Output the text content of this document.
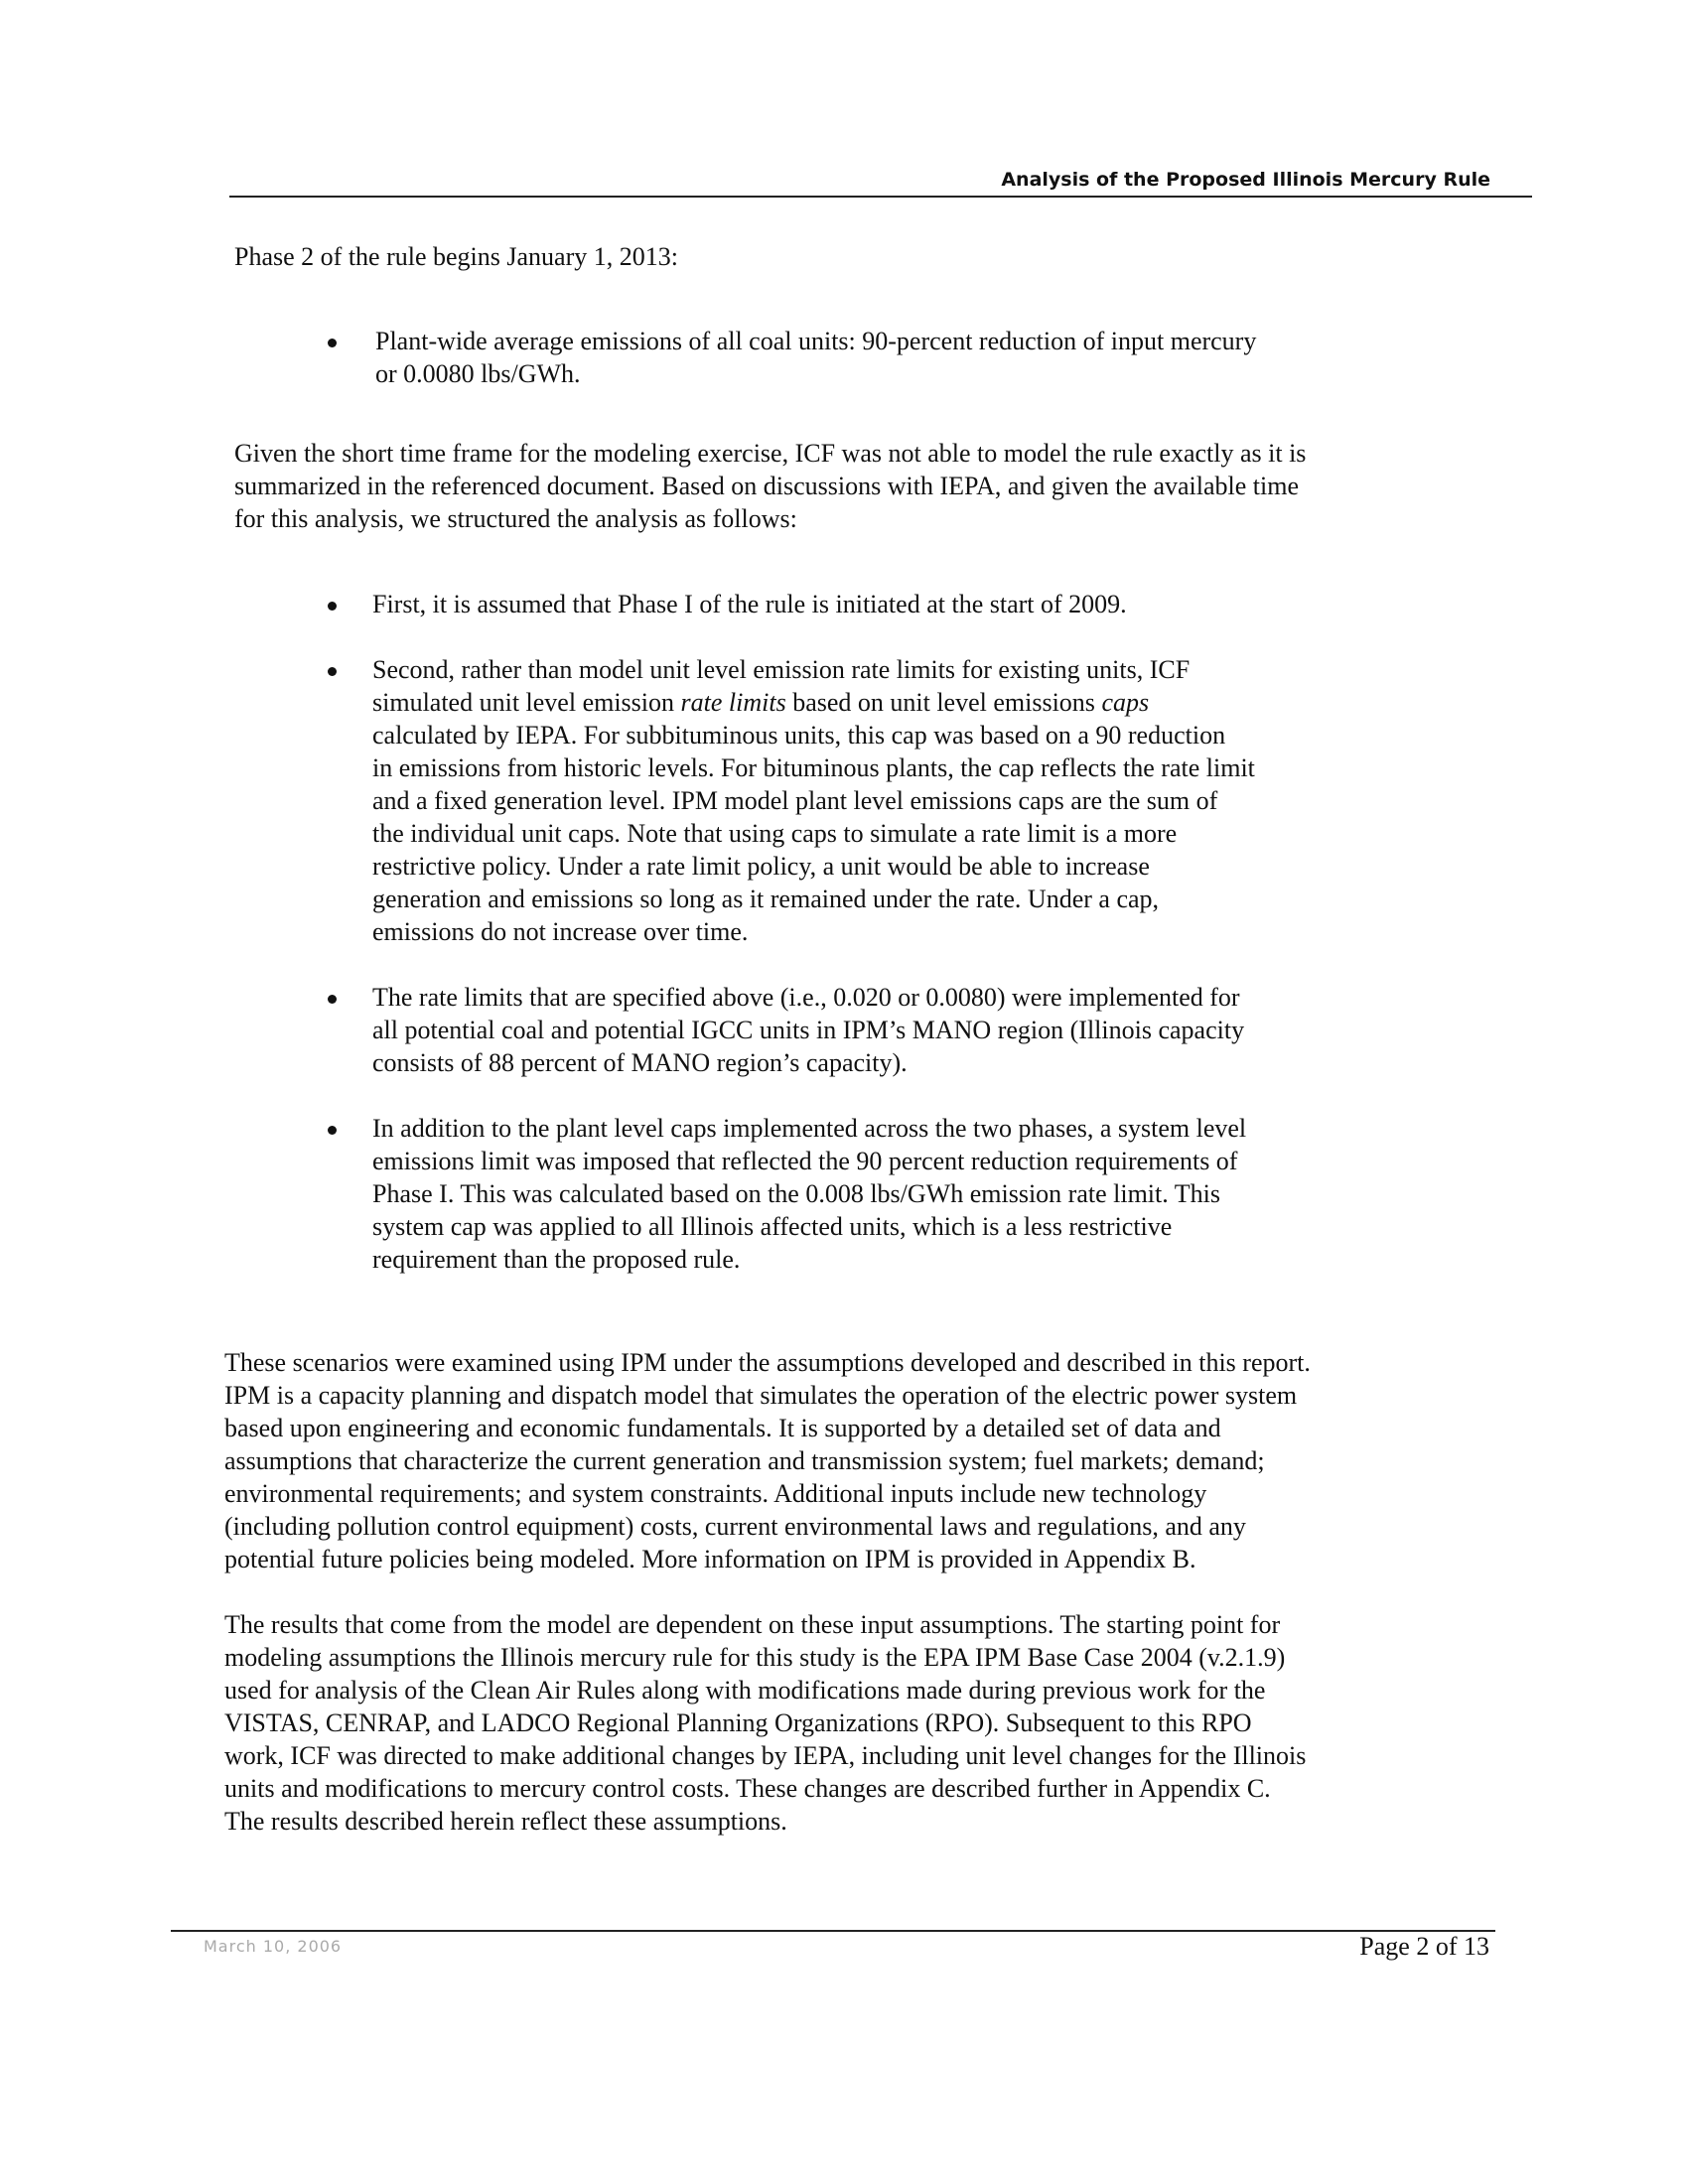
Analysis of the Proposed Illinois Mercury Rule

Phase 2 of the rule begins January 1, 2013:

Plant-wide average emissions of all coal units: 90-percent reduction of input mercury
or 0.0080 lbs/GWh.
Given the short time frame for the modeling exercise, ICF was not able to model the rule exactly as it is
summarized in the referenced document. Based on discussions with IEPA, and given the available time
for this analysis, we structured the analysis as follows:
First, it is assumed that Phase I of the rule is initiated at the start of 2009.
Second, rather than model unit level emission rate limits for existing units, ICF
simulated unit level emission rate limits based on unit level emissions caps
calculated by IEPA. For subbituminous units, this cap was based on a 90 reduction
in emissions from historic levels. For bituminous plants, the cap reflects the rate limit
and a fixed generation level. IPM model plant level emissions caps are the sum of
the individual unit caps. Note that using caps to simulate a rate limit is a more
restrictive policy. Under a rate limit policy, a unit would be able to increase
generation and emissions so long as it remained under the rate. Under a cap,
emissions do not increase over time.
The rate limits that are specified above (i.e., 0.020 or 0.0080) were implemented for
all potential coal and potential IGCC units in IPM’s MANO region (Illinois capacity
consists of 88 percent of MANO region’s capacity).
In addition to the plant level caps implemented across the two phases, a system level
emissions limit was imposed that reflected the 90 percent reduction requirements of
Phase I. This was calculated based on the 0.008 lbs/GWh emission rate limit. This
system cap was applied to all Illinois affected units, which is a less restrictive
requirement than the proposed rule.
These scenarios were examined using IPM under the assumptions developed and described in this report.
IPM is a capacity planning and dispatch model that simulates the operation of the electric power system
based upon engineering and economic fundamentals. It is supported by a detailed set of data and
assumptions that characterize the current generation and transmission system; fuel markets; demand;
environmental requirements; and system constraints. Additional inputs include new technology
(including pollution control equipment) costs, current environmental laws and regulations, and any
potential future policies being modeled. More information on IPM is provided in Appendix B.
The results that come from the model are dependent on these input assumptions. The starting point for
modeling assumptions the Illinois mercury rule for this study is the EPA IPM Base Case 2004 (v.2.1.9)
used for analysis of the Clean Air Rules along with modifications made during previous work for the
VISTAS, CENRAP, and LADCO Regional Planning Organizations (RPO). Subsequent to this RPO
work, ICF was directed to make additional changes by IEPA, including unit level changes for the Illinois
units and modifications to mercury control costs. These changes are described further in Appendix C.
The results described herein reflect these assumptions.
March 10, 2006	Page 2 of 13
